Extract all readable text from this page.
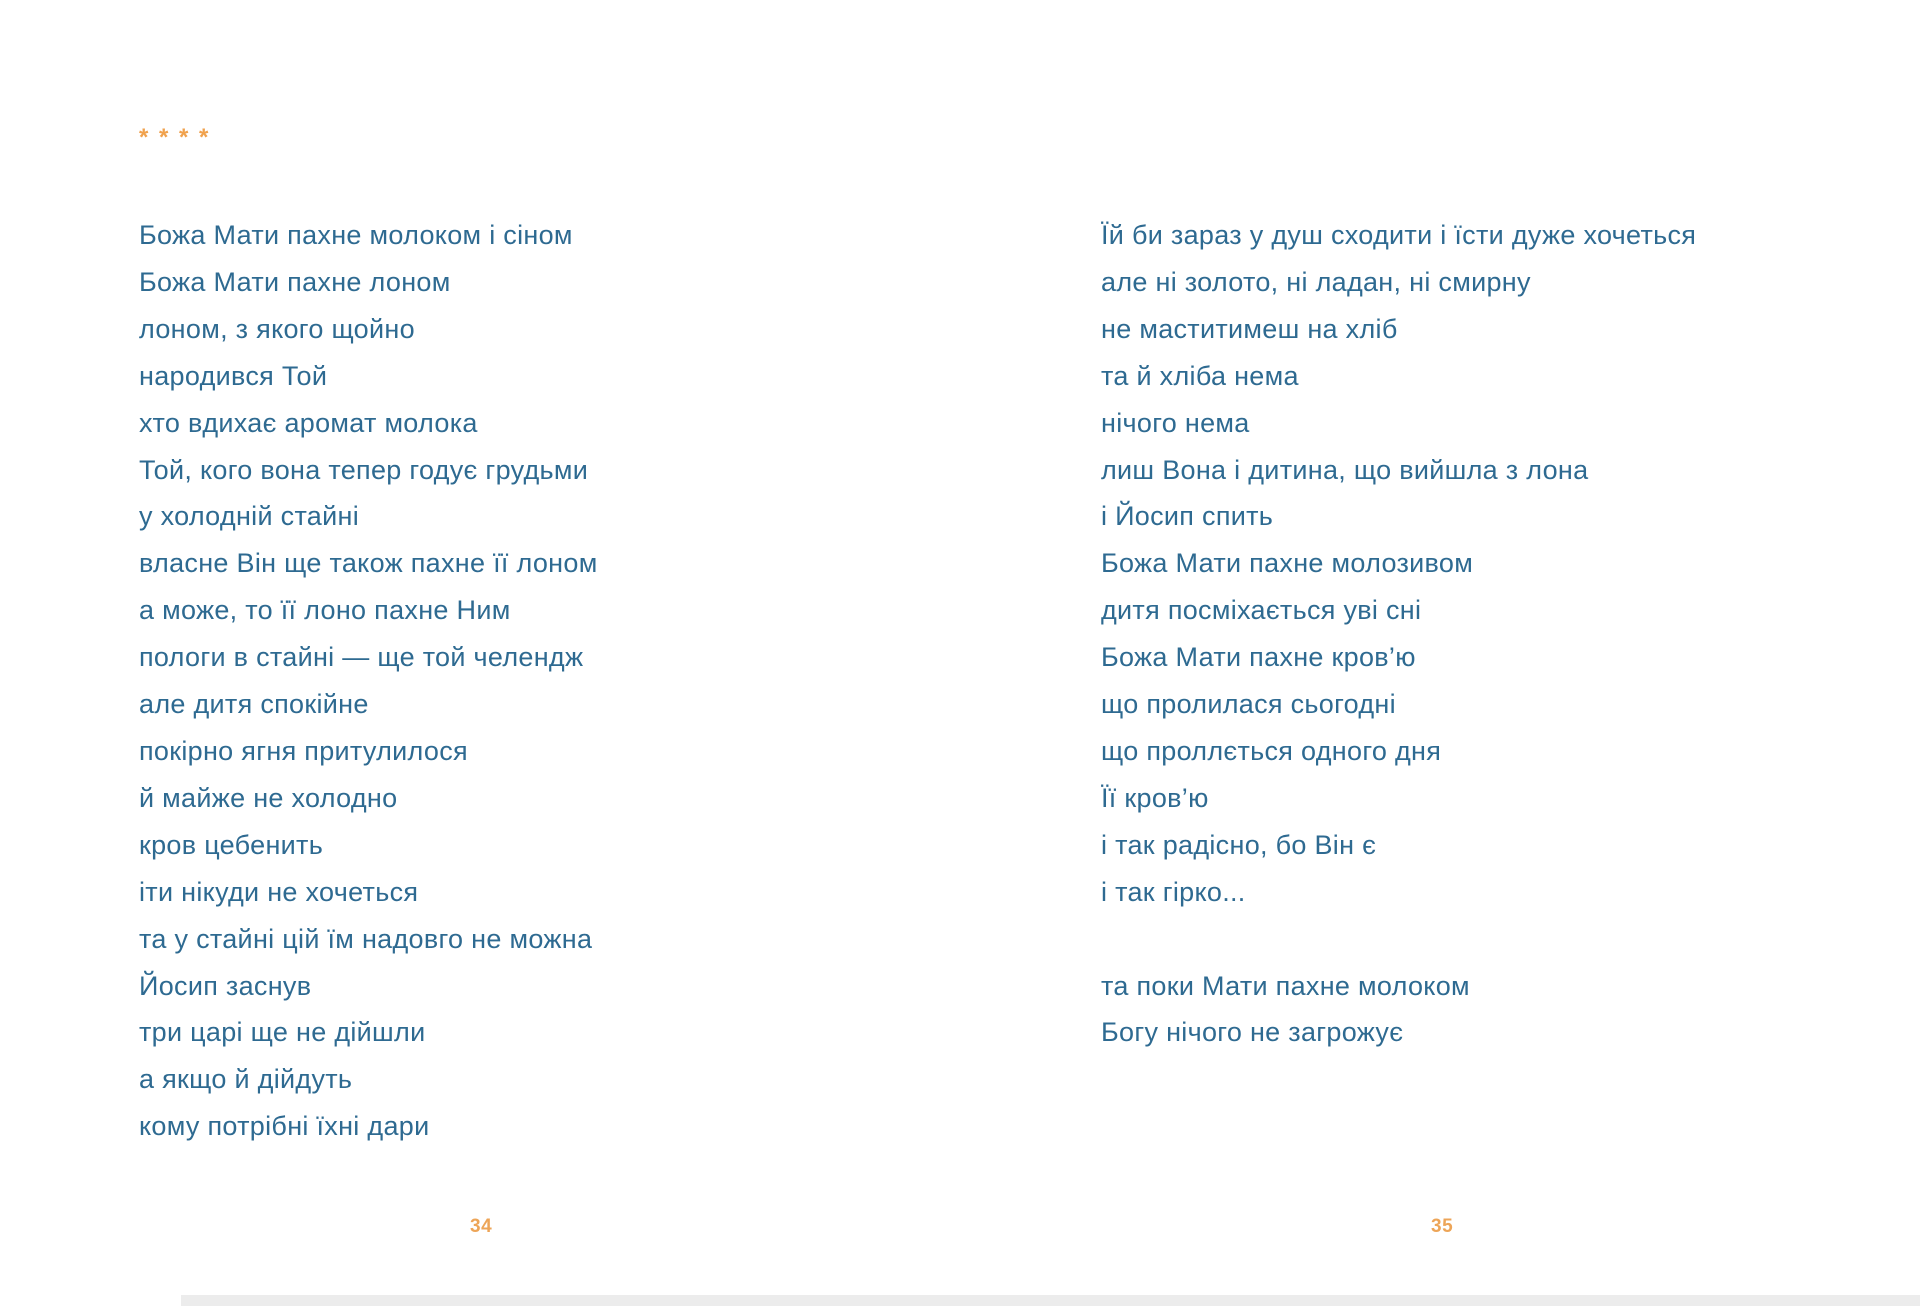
* * * *
Божа Мати пахне молоком і сіном
Божа Мати пахне лоном
лоном, з якого щойно
народився Той
хто вдихає аромат молока
Той, кого вона тепер годує грудьми
у холодній стайні
власне Він ще також пахне її лоном
а може, то її лоно пахне Ним
пологи в стайні — ще той челендж
але дитя спокійне
покірно ягня притулилося
й майже не холодно
кров цебенить
іти нікуди не хочеться
та у стайні цій їм надовго не можна
Йосип заснув
три царі ще не дійшли
а якщо й дійдуть
кому потрібні їхні дари
Їй би зараз у душ сходити і їсти дуже хочеться
але ні золото, ні ладан, ні смирну
не маститимеш на хліб
та й хліба нема
нічого нема
лиш Вона і дитина, що вийшла з лона
і Йосип спить
Божа Мати пахне молозивом
дитя посміхається уві сні
Божа Мати пахне кров’ю
що пролилася сьогодні
що проллється одного дня
Її кров’ю
і так радісно, бо Він є
і так гірко...

та поки Мати пахне молоком
Богу нічого не загрожує
34	35
